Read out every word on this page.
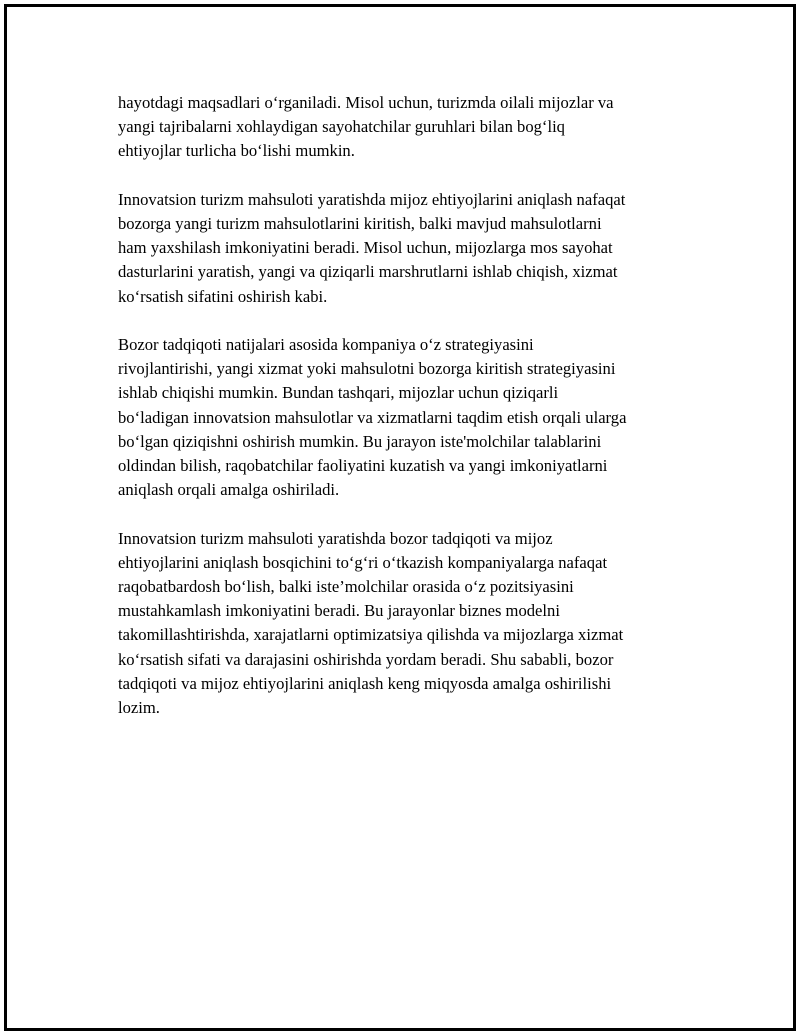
hayotdagi maqsadlari o‘rganiladi. Misol uchun, turizmda oilali mijozlar va
yangi tajribalarni xohlaydigan sayohatchilar guruhlari bilan bog‘liq
ehtiyojlar turlicha bo‘lishi mumkin.

Innovatsion turizm mahsuloti yaratishda mijoz ehtiyojlarini aniqlash nafaqat
bozorga yangi turizm mahsulotlarini kiritish, balki mavjud mahsulotlarni
ham yaxshilash imkoniyatini beradi. Misol uchun, mijozlarga mos sayohat
dasturlarini yaratish, yangi va qiziqarli marshrutlarni ishlab chiqish, xizmat
ko‘rsatish sifatini oshirish kabi.

Bozor tadqiqoti natijalari asosida kompaniya o‘z strategiyasini
rivojlantirishi, yangi xizmat yoki mahsulotni bozorga kiritish strategiyasini
ishlab chiqishi mumkin. Bundan tashqari, mijozlar uchun qiziqarli
bo‘ladigan innovatsion mahsulotlar va xizmatlarni taqdim etish orqali ularga
bo‘lgan qiziqishni oshirish mumkin. Bu jarayon iste'molchilar talablarini
oldindan bilish, raqobatchilar faoliyatini kuzatish va yangi imkoniyatlarni
aniqlash orqali amalga oshiriladi.

Innovatsion turizm mahsuloti yaratishda bozor tadqiqoti va mijoz
ehtiyojlarini aniqlash bosqichini to‘g‘ri o‘tkazish kompaniyalarga nafaqat
raqobatbardosh bo‘lish, balki iste’molchilar orasida o‘z pozitsiyasini
mustahkamlash imkoniyatini beradi. Bu jarayonlar biznes modelni
takomillashtirishda, xarajatlarni optimizatsiya qilishda va mijozlarga xizmat
ko‘rsatish sifati va darajasini oshirishda yordam beradi. Shu sababli, bozor
tadqiqoti va mijoz ehtiyojlarini aniqlash keng miqyosda amalga oshirilishi
lozim.
